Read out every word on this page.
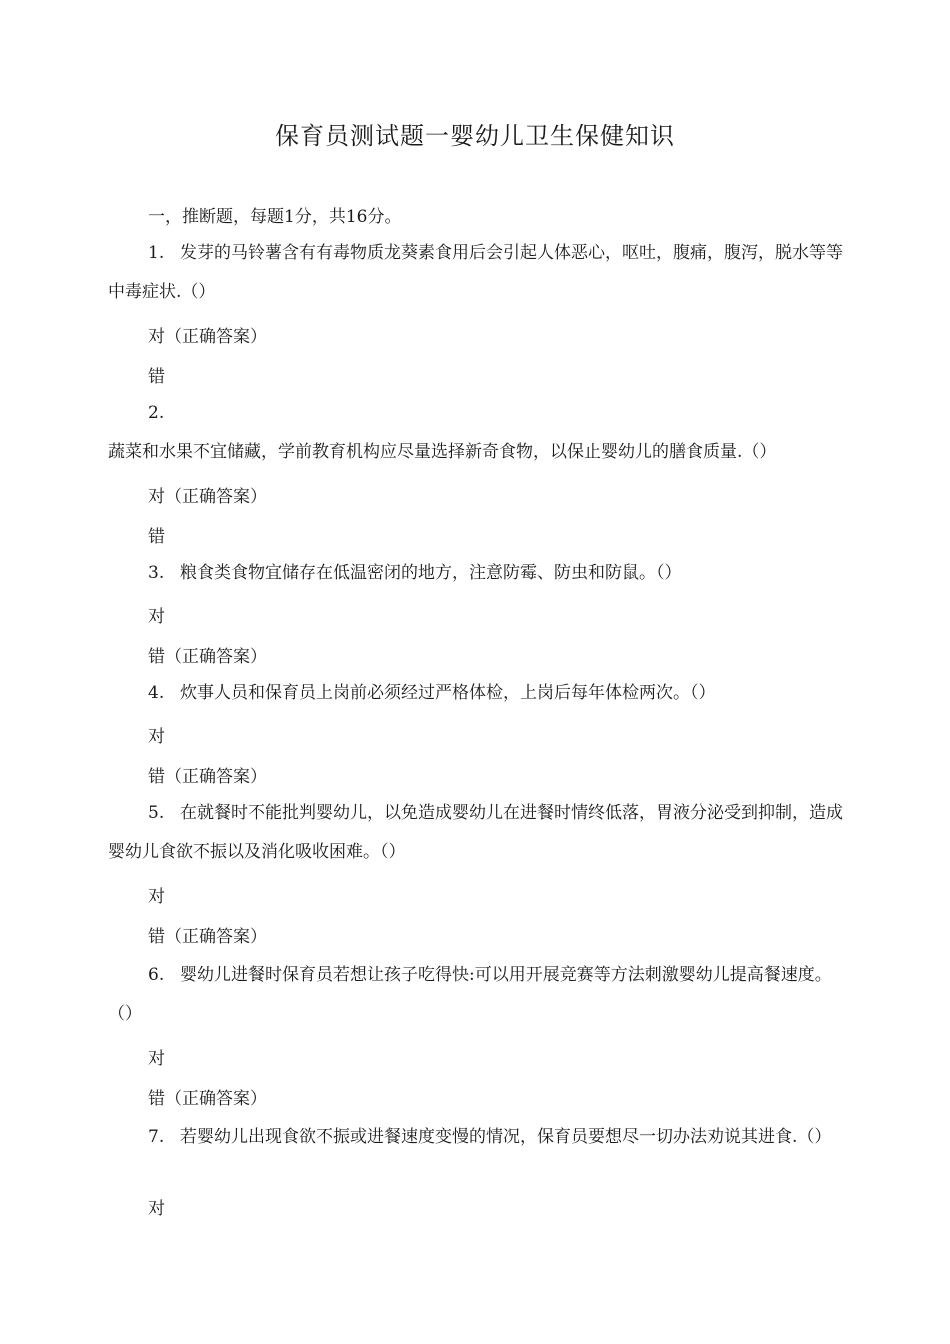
保育员测试题一婴幼儿卫生保健知识
一，推断题，每题1分，共16分。
1. 发芽的马铃薯含有有毒物质龙葵素食用后会引起人体恶心，呕吐，腹痛，腹泻，脱水等等中毒症状.（）
对（正确答案）
错
2.蔬菜和水果不宜储藏，学前教育机构应尽量选择新奇食物，以保止婴幼儿的膳食质量.（）
对（正确答案）
错
3. 粮食类食物宜储存在低温密闭的地方，注意防霉、防虫和防鼠。（）
对
错（正确答案）
4. 炊事人员和保育员上岗前必须经过严格体检，上岗后每年体检两次。（）
对
错（正确答案）
5. 在就餐时不能批判婴幼儿，以免造成婴幼儿在进餐时情终低落，胃液分泌受到抑制，造成婴幼儿食欲不振以及消化吸收困难。（）
对
错（正确答案）
6. 婴幼儿进餐时保育员若想让孩子吃得快:可以用开展竞赛等方法刺激婴幼儿提高餐速度。（）
对
错（正确答案）
7. 若婴幼儿出现食欲不振或进餐速度变慢的情况，保育员要想尽一切办法劝说其进食.（）
对
